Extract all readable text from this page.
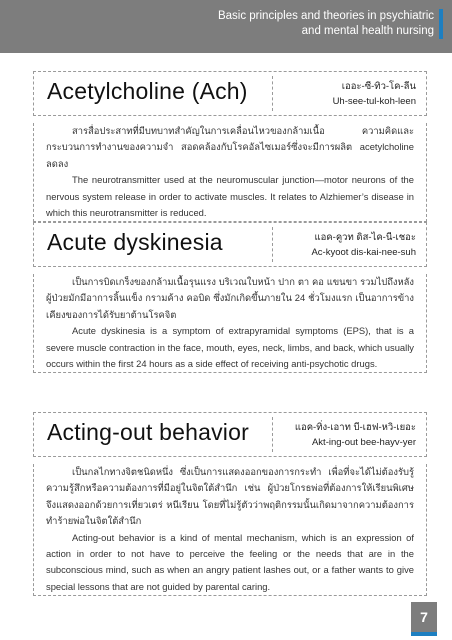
Basic principles and theories in psychiatric
and mental health nursing
Acetylcholine (Ach)	เออะ-ซี-ทิว-โค-ลีน
Uh-see-tul-koh-leen

สารสื่อประสาทที่มีบทบาทสำคัญในการเคลื่อนไหวของกล้ามเนื้อ ความคิดและกระบวนการทำงานของความจำ สอดคล้องกับโรคอัลไซเมอร์ซึ่งจะมีการผลิต acetylcholine ลดลง

The neurotransmitter used at the neuromuscular junction—motor neurons of the nervous system release in order to activate muscles. It relates to Alzhiemer’s disease in which this neurotransmitter is reduced.

Acute dyskinesia	แอค-คูวท ดิส-ไค-นี-เชอะ
Ac-kyoot dis-kai-nee-suh

เป็นการบิดเกร็งของกล้ามเนื้อรุนแรง บริเวณใบหน้า ปาก ตา คอ แขนขา รวมไปถึงหลัง ผู้ป่วยมักมีอาการลิ้นแข็ง กรามค้าง คอบิด ซึ่งมักเกิดขึ้นภายใน 24 ชั่วโมงแรก เป็นอาการข้างเคียงของการได้รับยาต้านโรคจิต

Acute dyskinesia is a symptom of extrapyramidal symptoms (EPS), that is a severe muscle contraction in the face, mouth, eyes, neck, limbs, and back, which usually occurs within the first 24 hours as a side effect of receiving anti-psychotic drugs.

Acting-out behavior	แอค-ทิ่ง-เอาท บี-เฮฟ-หวิ-เยอะ
Akt-ing-out bee-hayv-yer

เป็นกลไกทางจิตชนิดหนึ่ง ซึ่งเป็นการแสดงออกของการกระทำ เพื่อที่จะได้ไม่ต้องรับรู้ความรู้สึกหรือความต้องการที่มีอยู่ในจิตใต้สำนึก เช่น ผู้ป่วยโกรธพ่อที่ต้องการให้เรียนพิเศษ จึงแสดงออกด้วยการเที่ยวเตร่ หนีเรียน โดยที่ไม่รู้ตัวว่าพฤติกรรมนั้นเกิดมาจากความต้องการทำร้ายพ่อในจิตใต้สำนึก

Acting-out behavior is a kind of mental mechanism, which is an expression of action in order to not have to perceive the feeling or the needs that are in the subconscious mind, such as when an angry patient lashes out, or a father wants to give special lessons that are not guided by parental caring.

7
